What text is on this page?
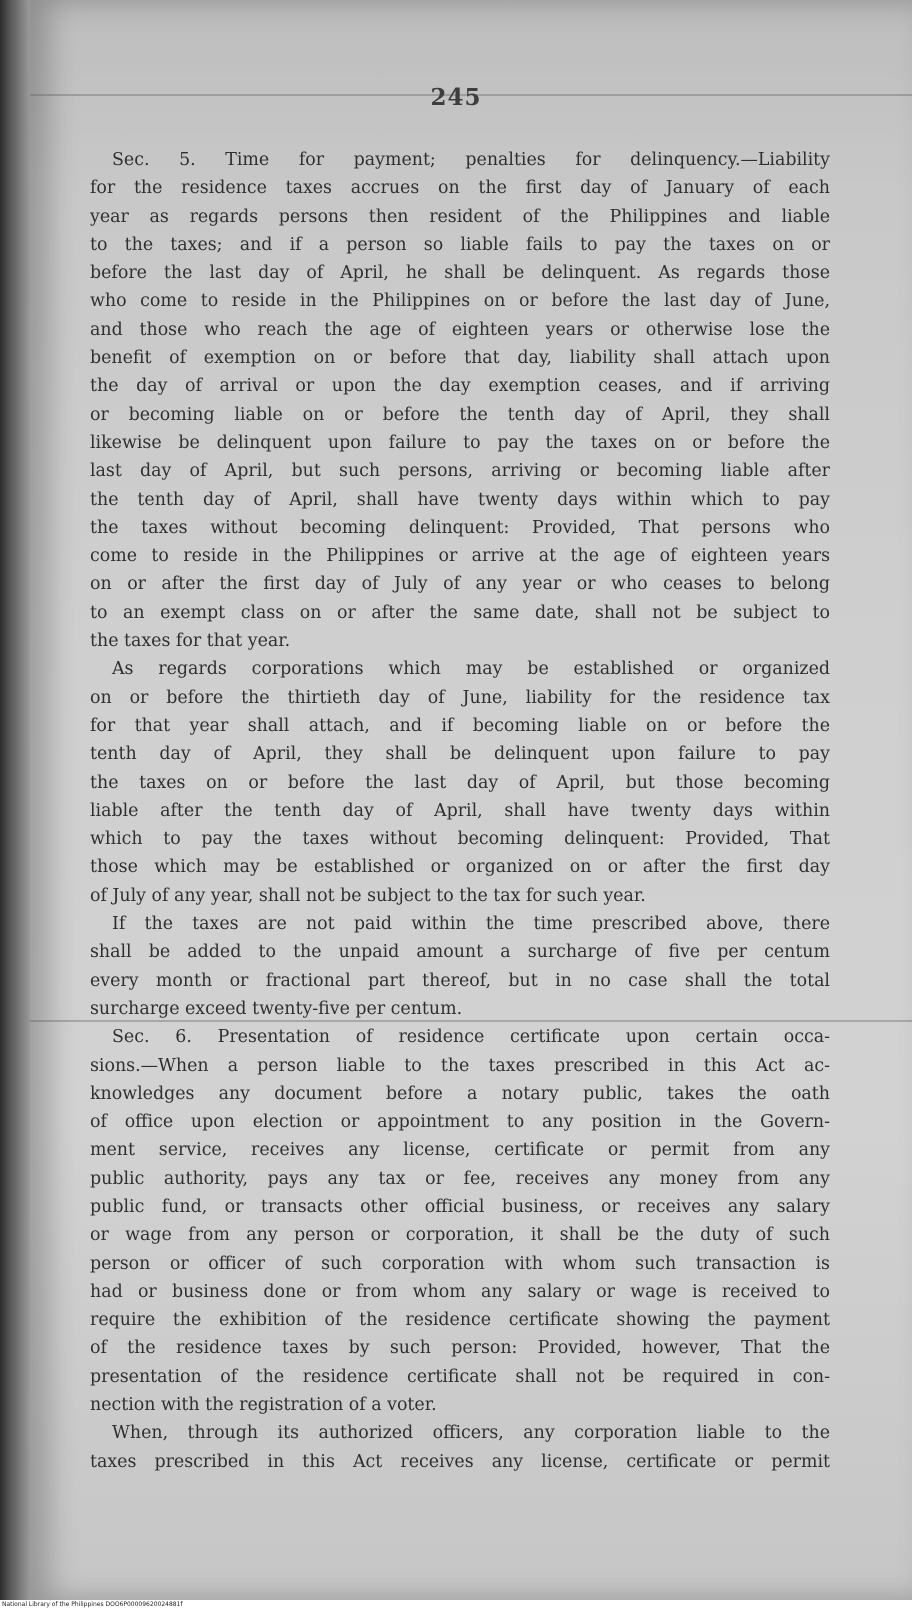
245
Sec. 5. Time for payment; penalties for delinquency.—Liability
for the residence taxes accrues on the first day of January of each
year as regards persons then resident of the Philippines and liable
to the taxes; and if a person so liable fails to pay the taxes on or
before the last day of April, he shall be delinquent. As regards those
who come to reside in the Philippines on or before the last day of June,
and those who reach the age of eighteen years or otherwise lose the
benefit of exemption on or before that day, liability shall attach upon
the day of arrival or upon the day exemption ceases, and if arriving
or becoming liable on or before the tenth day of April, they shall
likewise be delinquent upon failure to pay the taxes on or before the
last day of April, but such persons, arriving or becoming liable after
the tenth day of April, shall have twenty days within which to pay
the taxes without becoming delinquent: Provided, That persons who
come to reside in the Philippines or arrive at the age of eighteen years
on or after the first day of July of any year or who ceases to belong
to an exempt class on or after the same date, shall not be subject to
the taxes for that year.
As regards corporations which may be established or organized
on or before the thirtieth day of June, liability for the residence tax
for that year shall attach, and if becoming liable on or before the
tenth day of April, they shall be delinquent upon failure to pay
the taxes on or before the last day of April, but those becoming
liable after the tenth day of April, shall have twenty days within
which to pay the taxes without becoming delinquent: Provided, That
those which may be established or organized on or after the first day
of July of any year, shall not be subject to the tax for such year.
If the taxes are not paid within the time prescribed above, there
shall be added to the unpaid amount a surcharge of five per centum
every month or fractional part thereof, but in no case shall the total
surcharge exceed twenty-five per centum.
Sec. 6. Presentation of residence certificate upon certain occa-
sions.—When a person liable to the taxes prescribed in this Act ac-
knowledges any document before a notary public, takes the oath
of office upon election or appointment to any position in the Govern-
ment service, receives any license, certificate or permit from any
public authority, pays any tax or fee, receives any money from any
public fund, or transacts other official business, or receives any salary
or wage from any person or corporation, it shall be the duty of such
person or officer of such corporation with whom such transaction is
had or business done or from whom any salary or wage is received to
require the exhibition of the residence certificate showing the payment
of the residence taxes by such person: Provided, however, That the
presentation of the residence certificate shall not be required in con-
nection with the registration of a voter.
When, through its authorized officers, any corporation liable to the
taxes prescribed in this Act receives any license, certificate or permit
National Library of the Philippines DOO6P00009620024881f
